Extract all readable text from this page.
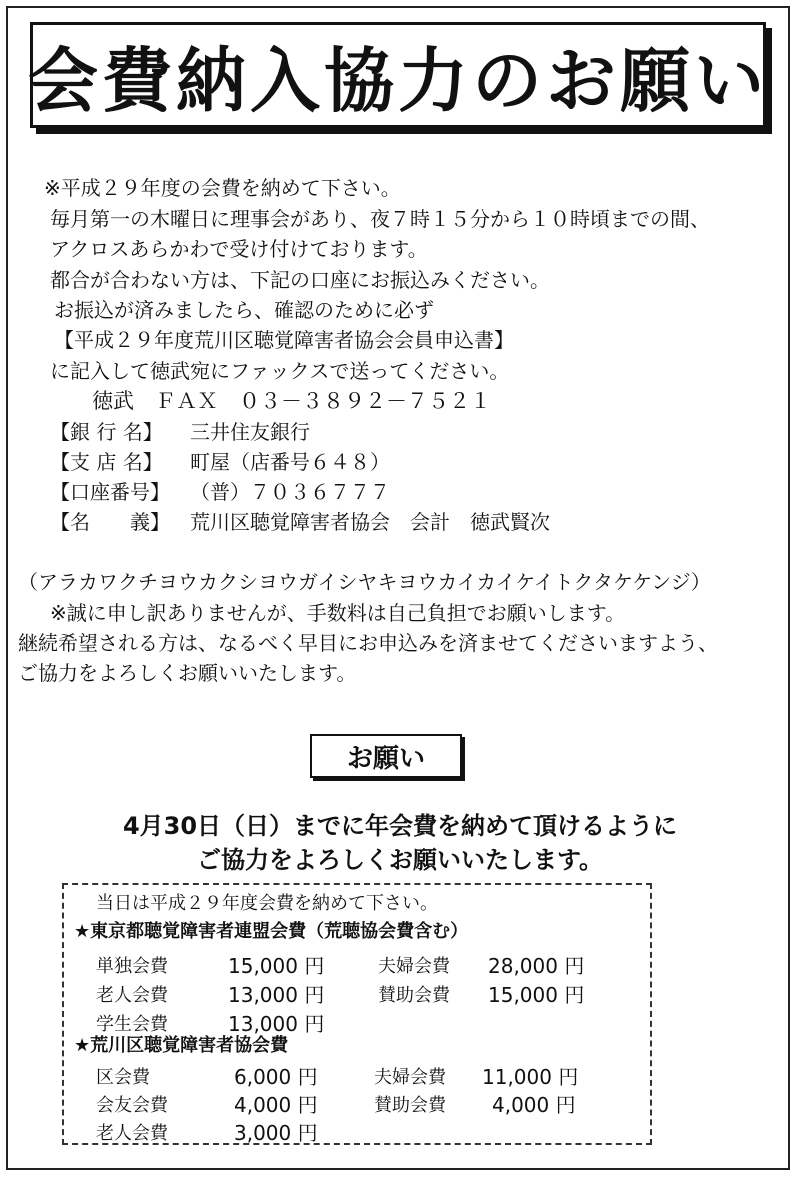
会費納入協力のお願い
※平成２９年度の会費を納めて下さい。
毎月第一の木曜日に理事会があり、夜７時１５分から１０時頃までの間、
アクロスあらかわで受け付けております。
都合が合わない方は、下記の口座にお振込みください。
お振込が済みましたら、確認のために必ず
【平成２９年度荒川区聴覚障害者協会会員申込書】
に記入して徳武宛にファックスで送ってください。
徳武　ＦＡＸ　０３－３８９２－７５２１
【銀 行 名】 三井住友銀行
【支 店 名】 町屋（店番号６４８）
【口座番号】 （普）７０３６７７７
【名　　義】 荒川区聴覚障害者協会　会計　徳武賢次
（アラカワクチヨウカクシヨウガイシヤキヨウカイカイケイトクタケケンジ）
※誠に申し訳ありませんが、手数料は自己負担でお願いします。
継続希望される方は、なるべく早目にお申込みを済ませてくださいますよう、
ご協力をよろしくお願いいたします。
お願い
4月30日（日）までに年会費を納めて頂けるように
ご協力をよろしくお願いいたします。
当日は平成２９年度会費を納めて下さい。
★東京都聴覚障害者連盟会費（荒聴協会費含む）
単独会費	15,000 円	夫婦会費 28,000 円
老人会費	13,000 円	賛助会費 15,000 円
学生会費	13,000 円
★荒川区聴覚障害者協会費
区会費	6,000 円	夫婦会費 11,000 円
会友会費	4,000 円	賛助会費 4,000 円
老人会費	3,000 円
